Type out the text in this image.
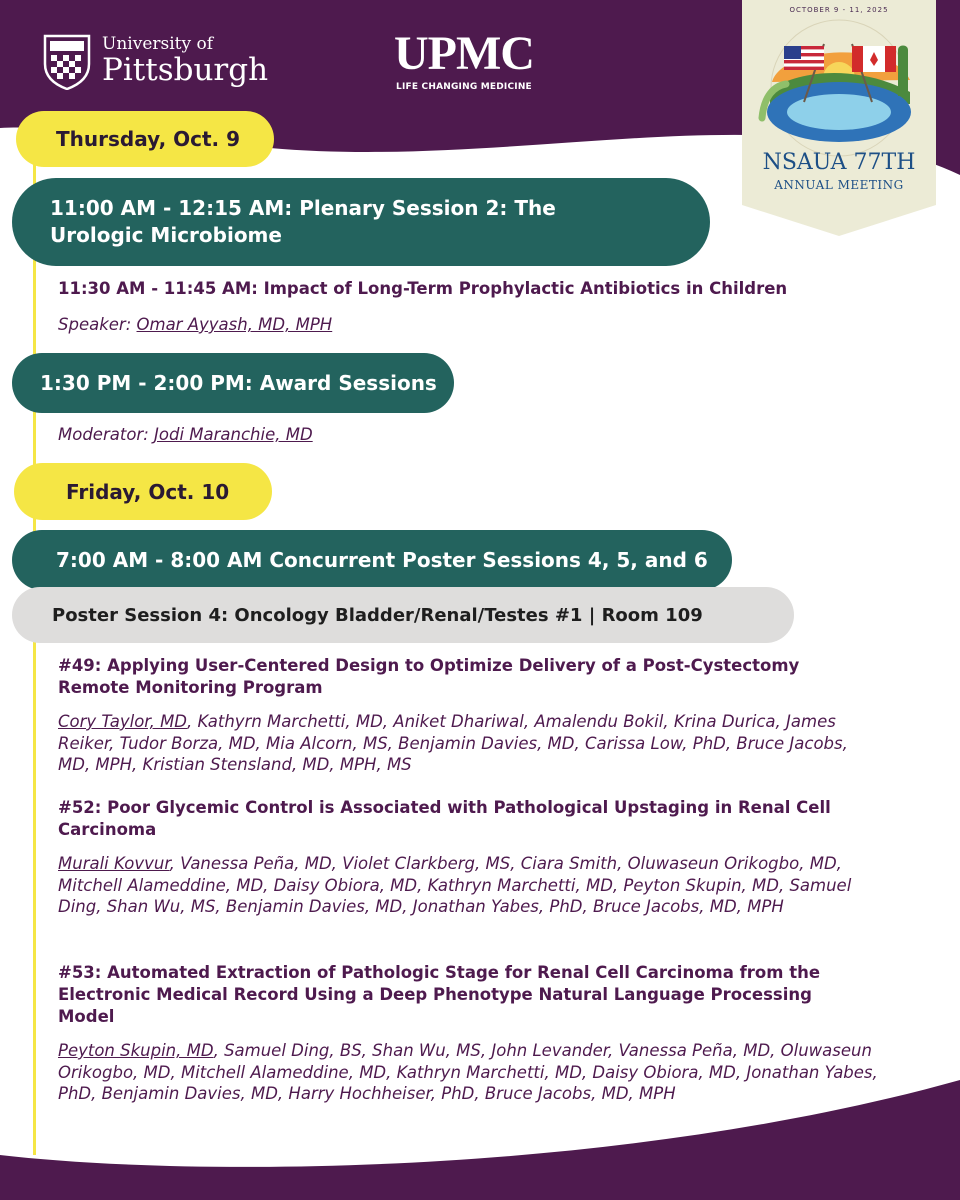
University of
Pittsburgh	UPMC
LIFE CHANGING MEDICINE
OCTOBER 9 - 11, 2025
NSAUA 77TH
ANNUAL MEETING
Thursday, Oct. 9
11:00 AM - 12:15 AM: Plenary Session 2: The Urologic Microbiome
11:30 AM - 11:45 AM: Impact of Long-Term Prophylactic Antibiotics in Children
Speaker: Omar Ayyash, MD, MPH
1:30 PM - 2:00 PM: Award Sessions
Moderator: Jodi Maranchie, MD
Friday, Oct. 10
7:00 AM - 8:00 AM Concurrent Poster Sessions 4, 5, and 6
Poster Session 4: Oncology Bladder/Renal/Testes #1 | Room 109
#49: Applying User-Centered Design to Optimize Delivery of a Post-Cystectomy Remote Monitoring Program
Cory Taylor, MD, Kathyrn Marchetti, MD, Aniket Dhariwal, Amalendu Bokil, Krina Durica, James Reiker, Tudor Borza, MD, Mia Alcorn, MS, Benjamin Davies, MD, Carissa Low, PhD, Bruce Jacobs, MD, MPH, Kristian Stensland, MD, MPH, MS
#52: Poor Glycemic Control is Associated with Pathological Upstaging in Renal Cell Carcinoma
Murali Kovvur, Vanessa Peña, MD, Violet Clarkberg, MS, Ciara Smith, Oluwaseun Orikogbo, MD, Mitchell Alameddine, MD, Daisy Obiora, MD, Kathryn Marchetti, MD, Peyton Skupin, MD, Samuel Ding, Shan Wu, MS, Benjamin Davies, MD, Jonathan Yabes, PhD, Bruce Jacobs, MD, MPH
#53: Automated Extraction of Pathologic Stage for Renal Cell Carcinoma from the Electronic Medical Record Using a Deep Phenotype Natural Language Processing Model
Peyton Skupin, MD, Samuel Ding, BS, Shan Wu, MS, John Levander, Vanessa Peña, MD, Oluwaseun Orikogbo, MD, Mitchell Alameddine, MD, Kathryn Marchetti, MD, Daisy Obiora, MD, Jonathan Yabes, PhD, Benjamin Davies, MD, Harry Hochheiser, PhD, Bruce Jacobs, MD, MPH
